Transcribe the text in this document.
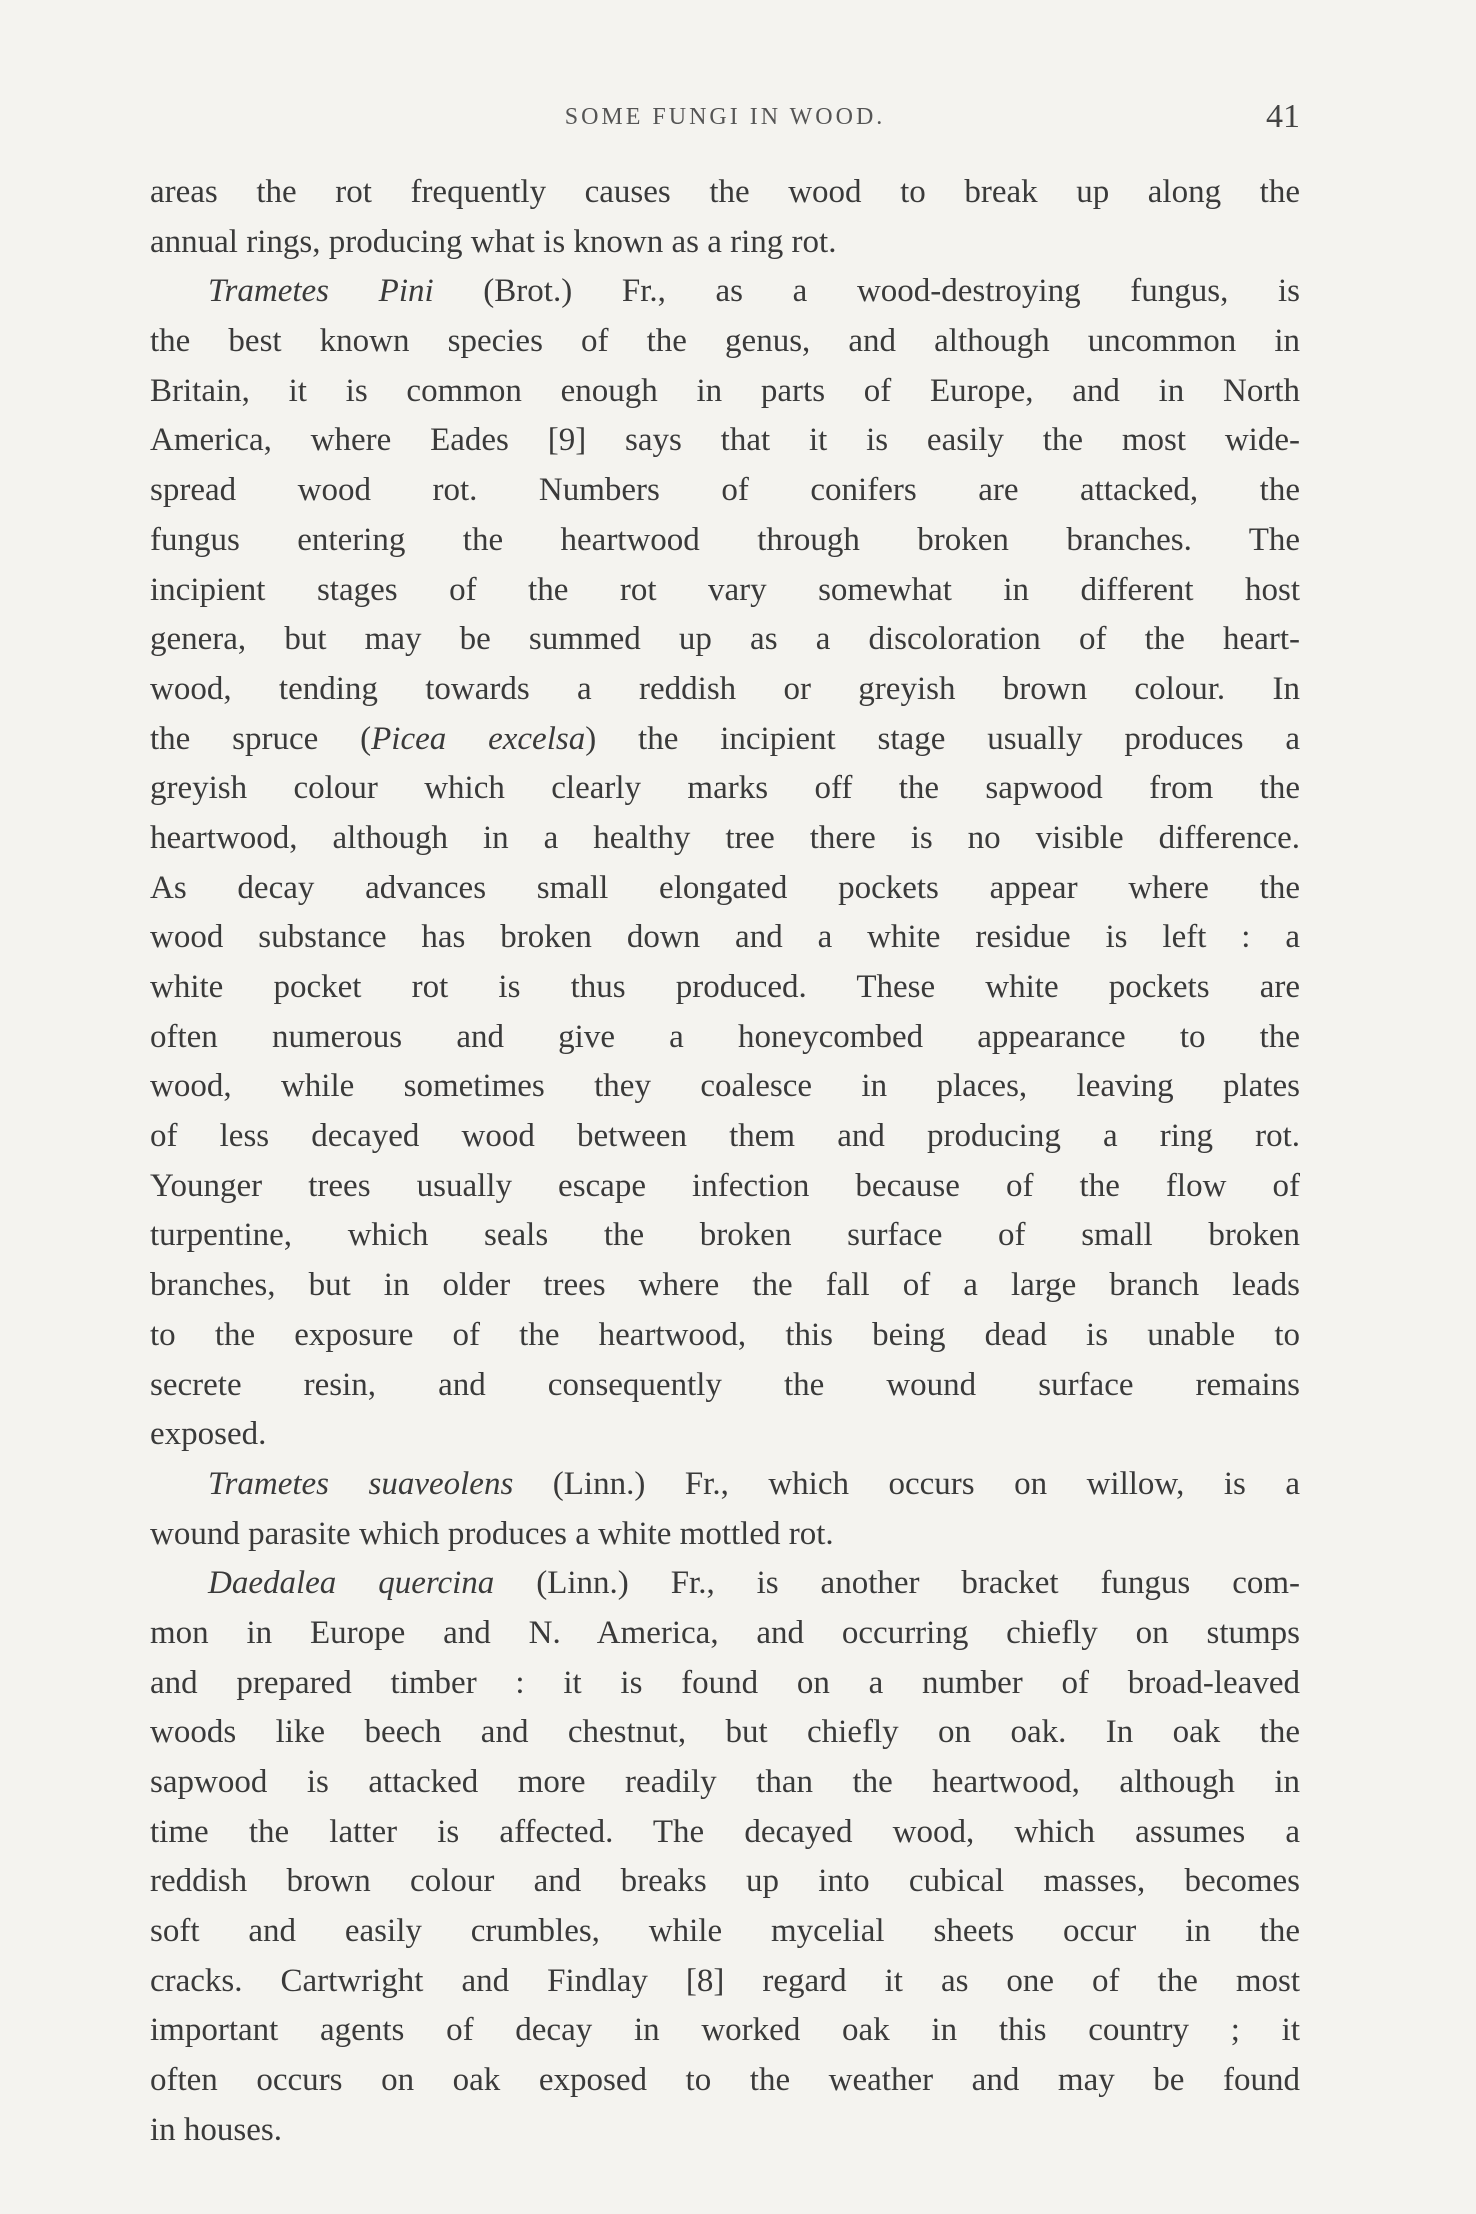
SOME FUNGI IN WOOD.	41
areas the rot frequently causes the wood to break up along the
annual rings, producing what is known as a ring rot.
Trametes Pini (Brot.) Fr., as a wood-destroying fungus, is
the best known species of the genus, and although uncommon in
Britain, it is common enough in parts of Europe, and in North
America, where Eades [9] says that it is easily the most wide-
spread wood rot. Numbers of conifers are attacked, the
fungus entering the heartwood through broken branches. The
incipient stages of the rot vary somewhat in different host
genera, but may be summed up as a discoloration of the heart-
wood, tending towards a reddish or greyish brown colour. In
the spruce (Picea excelsa) the incipient stage usually produces a
greyish colour which clearly marks off the sapwood from the
heartwood, although in a healthy tree there is no visible difference.
As decay advances small elongated pockets appear where the
wood substance has broken down and a white residue is left : a
white pocket rot is thus produced. These white pockets are
often numerous and give a honeycombed appearance to the
wood, while sometimes they coalesce in places, leaving plates
of less decayed wood between them and producing a ring rot.
Younger trees usually escape infection because of the flow of
turpentine, which seals the broken surface of small broken
branches, but in older trees where the fall of a large branch leads
to the exposure of the heartwood, this being dead is unable to
secrete resin, and consequently the wound surface remains
exposed.
Trametes suaveolens (Linn.) Fr., which occurs on willow, is a
wound parasite which produces a white mottled rot.
Daedalea quercina (Linn.) Fr., is another bracket fungus com-
mon in Europe and N. America, and occurring chiefly on stumps
and prepared timber : it is found on a number of broad-leaved
woods like beech and chestnut, but chiefly on oak. In oak the
sapwood is attacked more readily than the heartwood, although in
time the latter is affected. The decayed wood, which assumes a
reddish brown colour and breaks up into cubical masses, becomes
soft and easily crumbles, while mycelial sheets occur in the
cracks. Cartwright and Findlay [8] regard it as one of the most
important agents of decay in worked oak in this country ; it
often occurs on oak exposed to the weather and may be found
in houses.
